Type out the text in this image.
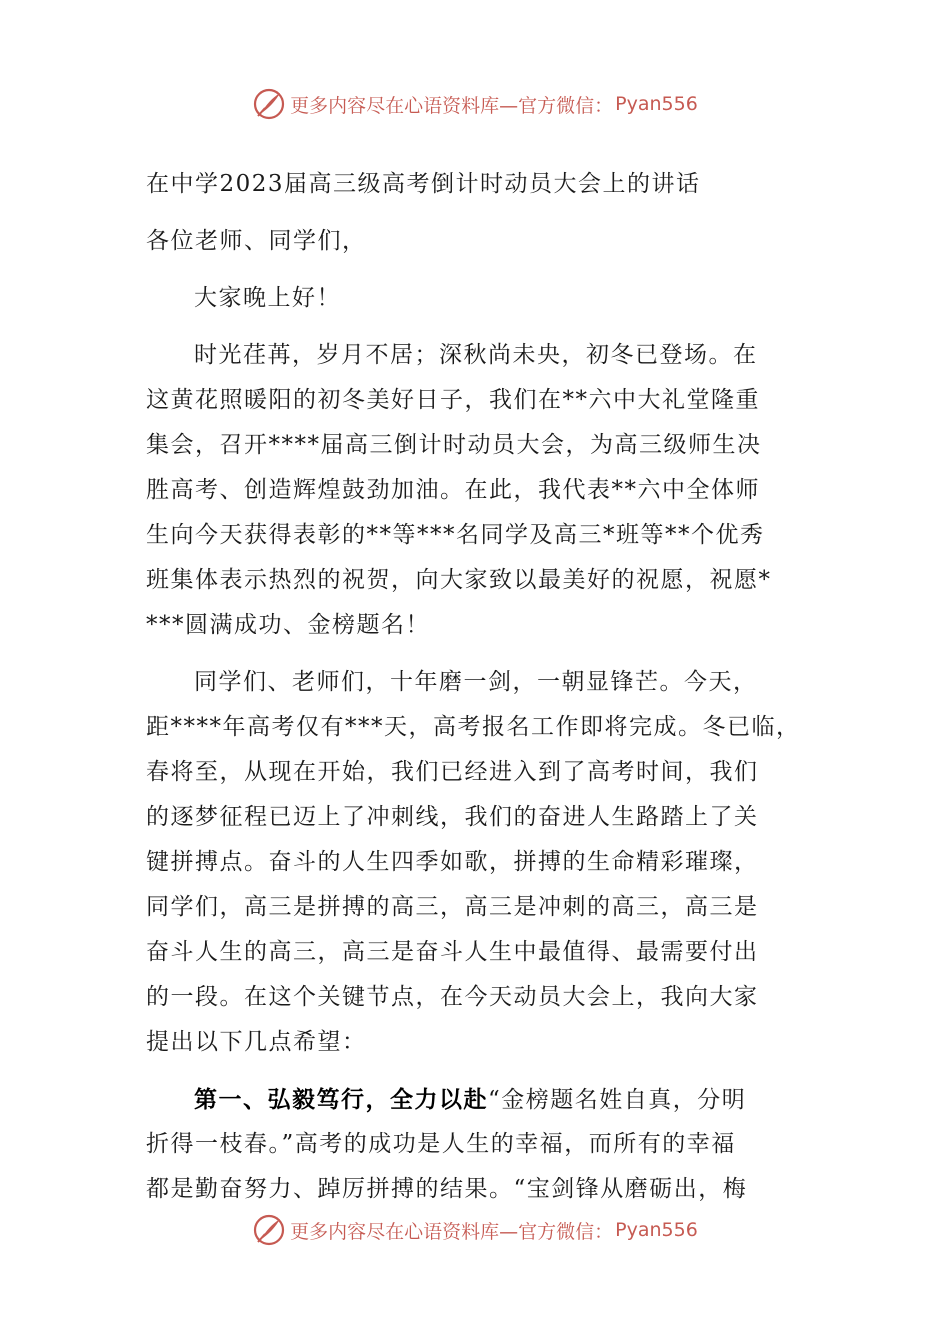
更多内容尽在心语资料库—官方微信： Pyan556
在中学2023届高三级高考倒计时动员大会上的讲话
各位老师、同学们，
大家晚上好！
时光荏苒，岁月不居；深秋尚未央，初冬已登场。在
这黄花照暖阳的初冬美好日子，我们在**六中大礼堂隆重
集会，召开****届高三倒计时动员大会，为高三级师生决
胜高考、创造辉煌鼓劲加油。在此，我代表**六中全体师
生向今天获得表彰的**等***名同学及高三*班等**个优秀
班集体表示热烈的祝贺，向大家致以最美好的祝愿，祝愿*
***圆满成功、金榜题名！
同学们、老师们，十年磨一剑，一朝显锋芒。今天，
距****年高考仅有***天，高考报名工作即将完成。冬已临，
春将至，从现在开始，我们已经进入到了高考时间，我们
的逐梦征程已迈上了冲刺线，我们的奋进人生路踏上了关
键拼搏点。奋斗的人生四季如歌，拼搏的生命精彩璀璨，
同学们，高三是拼搏的高三，高三是冲刺的高三，高三是
奋斗人生的高三，高三是奋斗人生中最值得、最需要付出
的一段。在这个关键节点，在今天动员大会上，我向大家
提出以下几点希望：
第一、弘毅笃行，全力以赴“金榜题名姓自真，分明
折得一枝春。”高考的成功是人生的幸福，而所有的幸福
都是勤奋努力、踔厉拼搏的结果。“宝剑锋从磨砺出，梅
更多内容尽在心语资料库—官方微信： Pyan556
